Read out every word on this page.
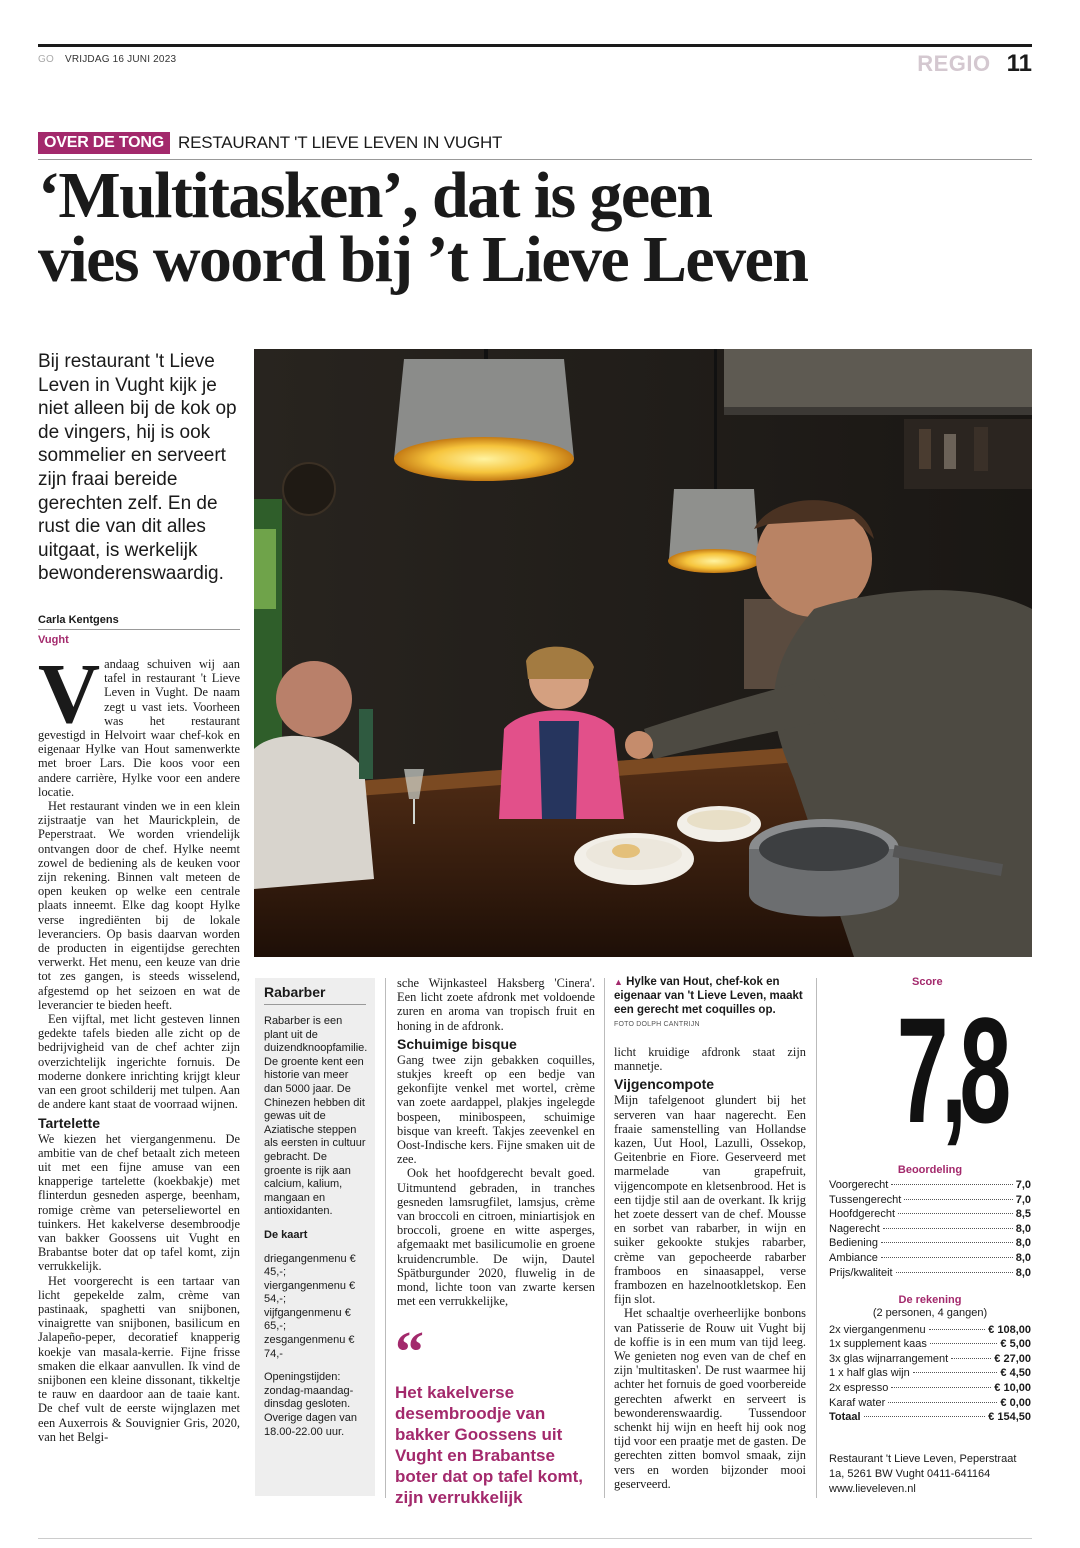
GO VRIJDAG 16 JUNI 2023	REGIO 11
OVER DE TONG RESTAURANT 'T LIEVE LEVEN IN VUGHT
‘Multitasken’, dat is geen
vies woord bij ’t Lieve Leven

Bij restaurant 't Lieve Leven in Vught kijk je niet alleen bij de kok op de vingers, hij is ook sommelier en serveert zijn fraai bereide gerechten zelf. En de rust die van dit alles uitgaat, is werkelijk bewonderenswaardig.

Carla Kentgens
Vught
V andaag schuiven wij aan tafel in restaurant 't Lieve Leven in Vught. De naam zegt u vast iets. Voorheen was het restaurant gevestigd in Helvoirt waar chef-kok en eigenaar Hylke van Hout samenwerkte met broer Lars. Die koos voor een andere carrière, Hylke voor een andere locatie.

Het restaurant vinden we in een klein zijstraatje van het Maurickplein, de Peperstraat. We worden vriendelijk ontvangen door de chef. Hylke neemt zowel de bediening als de keuken voor zijn rekening. Binnen valt meteen de open keuken op welke een centrale plaats inneemt. Elke dag koopt Hylke verse ingrediënten bij de lokale leveranciers. Op basis daarvan worden de producten in eigentijdse gerechten verwerkt. Het menu, een keuze van drie tot zes gangen, is steeds wisselend, afgestemd op het seizoen en wat de leverancier te bieden heeft.

Een vijftal, met licht gesteven linnen gedekte tafels bieden alle zicht op de bedrijvigheid van de chef achter zijn overzichtelijk ingerichte fornuis. De moderne donkere inrichting krijgt kleur van een groot schilderij met tulpen. Aan de andere kant staat de voorraad wijnen.

Tartelette

We kiezen het viergangenmenu. De ambitie van de chef betaalt zich meteen uit met een fijne amuse van een knapperige tartelette (koekbakje) met flinterdun gesneden asperge, beenham, romige crème van peterseliewortel en tuinkers. Het kakelverse desembroodje van bakker Goossens uit Vught en Brabantse boter dat op tafel komt, zijn verrukkelijk.

Het voorgerecht is een tartaar van licht gepekelde zalm, crème van pastinaak, spaghetti van snijbonen, vinaigrette van snijbonen, basilicum en Jalapeño-peper, decoratief knapperig koekje van masala-kerrie. Fijne frisse smaken die elkaar aanvullen. Ik vind de snijbonen een kleine dissonant, tikkeltje te rauw en daardoor aan de taaie kant. De chef vult de eerste wijnglazen met een Auxerrois & Souvignier Gris, 2020, van het Belgi-

Rabarber

Rabarber is een plant uit de duizendknoopfamilie. De groente kent een historie van meer dan 5000 jaar. De Chinezen hebben dit gewas uit de Aziatische steppen als eersten in cultuur gebracht. De groente is rijk aan calcium, kalium, mangaan en antioxidanten.

De kaart

driegangenmenu € 45,-; viergangenmenu € 54,-; vijfgangenmenu € 65,-; zesgangenmenu € 74,-

Openingstijden: zondag-maandag-dinsdag gesloten. Overige dagen van 18.00-22.00 uur.

sche Wijnkasteel Haksberg 'Cinera'. Een licht zoete afdronk met voldoende zuren en aroma van tropisch fruit en honing in de afdronk.

Schuimige bisque

Gang twee zijn gebakken coquilles, stukjes kreeft op een bedje van gekonfijte venkel met wortel, crème van zoete aardappel, plakjes ingelegde bospeen, minibospeen, schuimige bisque van kreeft. Takjes zeevenkel en Oost-Indische kers. Fijne smaken uit de zee.

Ook het hoofdgerecht bevalt goed. Uitmuntend gebraden, in tranches gesneden lamsrugfilet, lamsjus, crème van broccoli en citroen, miniartisjok en broccoli, groene en witte asperges, afgemaakt met basilicumolie en groene kruidencrumble. De wijn, Dautel Spätburgunder 2020, fluwelig in de mond, lichte toon van zwarte kersen met een verrukkelijke,

“
Het kakelverse desembroodje van bakker Goossens uit Vught en Brabantse boter dat op tafel komt, zijn verrukkelijk
▲ Hylke van Hout, chef-kok en eigenaar van 't Lieve Leven, maakt een gerecht met coquilles op.
FOTO DOLPH CANTRIJN

licht kruidige afdronk staat zijn mannetje.

Vijgencompote

Mijn tafelgenoot glundert bij het serveren van haar nagerecht. Een fraaie samenstelling van Hollandse kazen, Uut Hool, Lazulli, Ossekop, Geitenbrie en Fiore. Geserveerd met marmelade van grapefruit, vijgencompote en kletsenbrood. Het is een tijdje stil aan de overkant. Ik krijg het zoete dessert van de chef. Mousse en sorbet van rabarber, in wijn en suiker gekookte stukjes rabarber, crème van gepocheerde rabarber framboos en sinaasappel, verse frambozen en hazelnootkletskop. Een fijn slot.

Het schaaltje overheerlijke bonbons van Patisserie de Rouw uit Vught bij de koffie is in een mum van tijd leeg. We genieten nog even van de chef en zijn 'multitasken'. De rust waarmee hij achter het fornuis de goed voorbereide gerechten afwerkt en serveert is bewonderenswaardig. Tussendoor schenkt hij wijn en heeft hij ook nog tijd voor een praatje met de gasten. De gerechten zitten bomvol smaak, zijn vers en worden bijzonder mooi geserveerd.

Score
7,8
Beoordeling
Voorgerecht	7,0
Tussengerecht	7,0
Hoofdgerecht	8,5
Nagerecht	8,0
Bediening	8,0
Ambiance	8,0
Prijs/kwaliteit	8,0
De rekening
(2 personen, 4 gangen)
2x viergangenmenu	€ 108,00
1x supplement kaas	€ 5,00
3x glas wijnarrangement	€ 27,00
1 x half glas wijn	€ 4,50
2x espresso	€ 10,00
Karaf water	€ 0,00
Totaal	€ 154,50
Restaurant 't Lieve Leven, Peperstraat
1a, 5261 BW Vught 0411-641164
www.lieveleven.nl
